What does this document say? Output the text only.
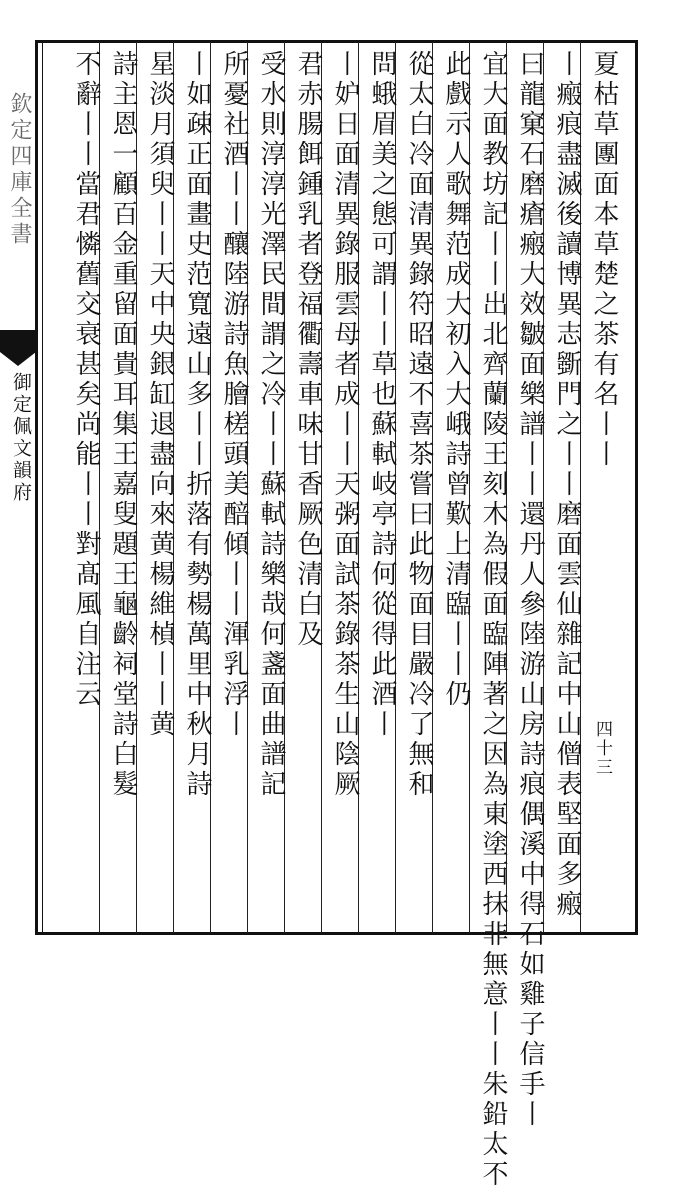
欽定四庫全書
御定佩文韻府	夏枯草團面本草楚之茶有名丨丨
丨瘢痕盡滅後讀博異志斵門之丨丨磨面雲仙雜記中山僧表堅面多瘢
曰龍窠石磨瘡瘢大效皺面樂譜丨丨還丹人參陸游山房詩痕偶溪中得石如雞子信手丨
宜大面教坊記丨丨出北齊蘭陵王刻木為假面臨陣著之因為東塗西抹非無意丨丨朱鉛太不
此戲示人歌舞范成大初入大峨詩曾歎上清臨丨丨仍
從太白冷面清異錄符昭遠不喜茶嘗曰此物面目嚴冷了無和
問蛾眉美之態可謂丨丨草也蘇軾岐亭詩何從得此酒丨
丨妒日面清異錄服雲母者成丨丨天粥面試茶錄茶生山陰厥
君赤腸餌鍾乳者登福衢壽車味甘香厥色清白及
受水則淳淳光澤民間謂之冷丨丨蘇軾詩樂哉何盞面曲譜記
所憂社酒丨丨釀陸游詩魚膾槎頭美醅傾丨丨渾乳浮丨
丨如疎正面畫史范寬遠山多丨丨折落有勢楊萬里中秋月詩
星淡月須臾丨丨天中央銀缸退盡向來黄楊維楨丨丨黄
詩主恩一顧百金重留面貴耳集王嘉叟題王龜齡祠堂詩白髮
不辭丨丨當君憐舊交衰甚矣尚能丨丨對髙風自注云
四十三
